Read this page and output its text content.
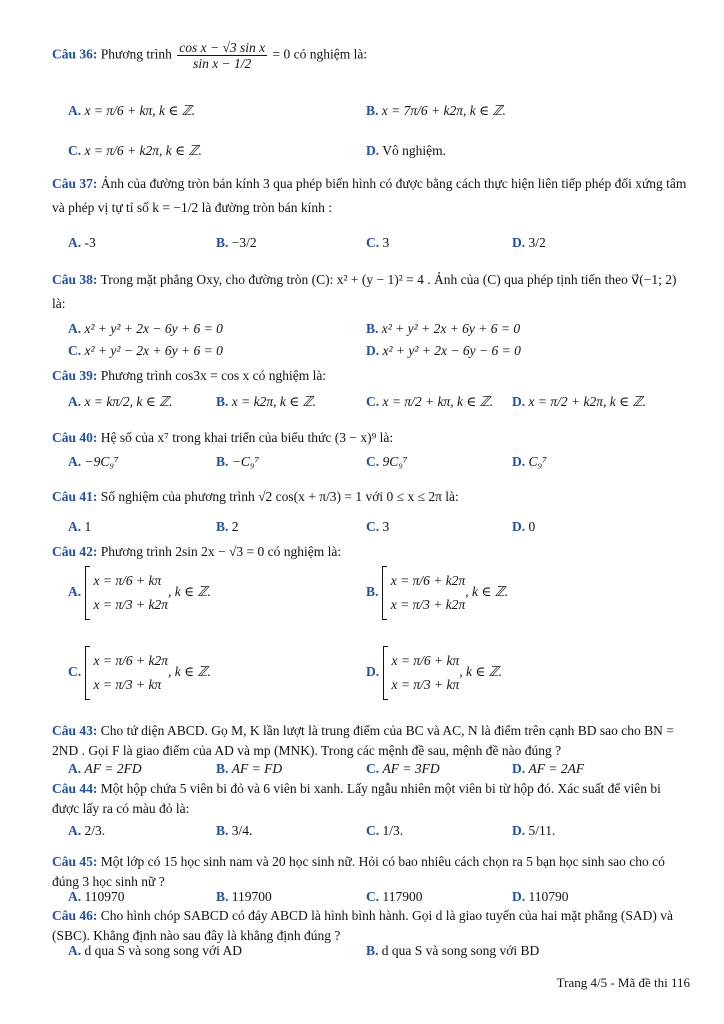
Câu 36: Phương trình $\frac{\text{cos x − √3 sin x}}{\text{sin x − 1/2}} = 0$ có nghiệm là:
A. x = π/6 + kπ, k ∈ ℤ.	B. x = 7π/6 + k2π, k ∈ ℤ.
C. x = π/6 + k2π, k ∈ ℤ.	D. Vô nghiệm.
Câu 37: Ảnh của đường tròn bán kính 3 qua phép biến hình có được bằng cách thực hiện liên tiếp phép đối xứng tâm và phép vị tự tỉ số k = −1/2 là đường tròn bán kính :
A. -3	B. −3/2	C. 3	D. 3/2
Câu 38: Trong mặt phẳng Oxy, cho đường tròn (C): x² + (y − 1)² = 4 . Ảnh của (C) qua phép tịnh tiến theo v⃗(−1; 2) là:
A. x² + y² + 2x − 6y + 6 = 0	B. x² + y² + 2x + 6y + 6 = 0
C. x² + y² − 2x + 6y + 6 = 0	D. x² + y² + 2x − 6y − 6 = 0
Câu 39: Phương trình cos3x = cos x có nghiệm là:
A. x = kπ/2, k ∈ ℤ.	B. x = k2π, k ∈ ℤ.	C. x = π/2 + kπ, k ∈ ℤ. D. x = π/2 + k2π, k ∈ ℤ.
Câu 40: Hệ số của x⁷ trong khai triển của biểu thức (3 − x)⁹ là:
A. −9C₉⁷	B. −C₉⁷	C. 9C₉⁷	D. C₉⁷
Câu 41: Số nghiệm của phương trình √2 cos(x + π/3) = 1 với 0 ≤ x ≤ 2π là:
A. 1	B. 2	C. 3	D. 0
Câu 42: Phương trình 2sin 2x − √3 = 0 có nghiệm là:
A.
x = π/6 + kπ
x = π/3 + k2π
, k ∈ ℤ.	B.
x = π/6 + k2π
x = π/3 + k2π
, k ∈ ℤ.
C.
x = π/6 + k2π
x = π/3 + kπ
, k ∈ ℤ.	D.
x = π/6 + kπ
x = π/3 + kπ
, k ∈ ℤ.
Câu 43: Cho tứ diện ABCD. Gọ M, K lần lượt là trung điểm của BC và AC, N là điểm trên cạnh BD sao cho BN = 2ND . Gọi F là giao điểm của AD và mp (MNK). Trong các mệnh đề sau, mệnh đề nào đúng ?
A. AF = 2FD	B. AF = FD	C. AF = 3FD	D. AF = 2AF
Câu 44: Một hộp chứa 5 viên bi đỏ và 6 viên bi xanh. Lấy ngẫu nhiên một viên bi từ hộp đó. Xác suất để viên bi được lấy ra có màu đỏ là:
A. 2/3.	B. 3/4.	C. 1/3.	D. 5/11.
Câu 45: Một lớp có 15 học sinh nam và 20 học sinh nữ. Hỏi có bao nhiêu cách chọn ra 5 bạn học sinh sao cho có đúng 3 học sinh nữ ?
A. 110970	B. 119700	C. 117900	D. 110790
Câu 46: Cho hình chóp SABCD có đáy ABCD là hình bình hành. Gọi d là giao tuyến của hai mặt phẳng (SAD) và (SBC). Khẳng định nào sau đây là khẳng định đúng ?
A. d qua S và song song với AD	B. d qua S và song song với BD
Trang 4/5 - Mã đề thi 116
